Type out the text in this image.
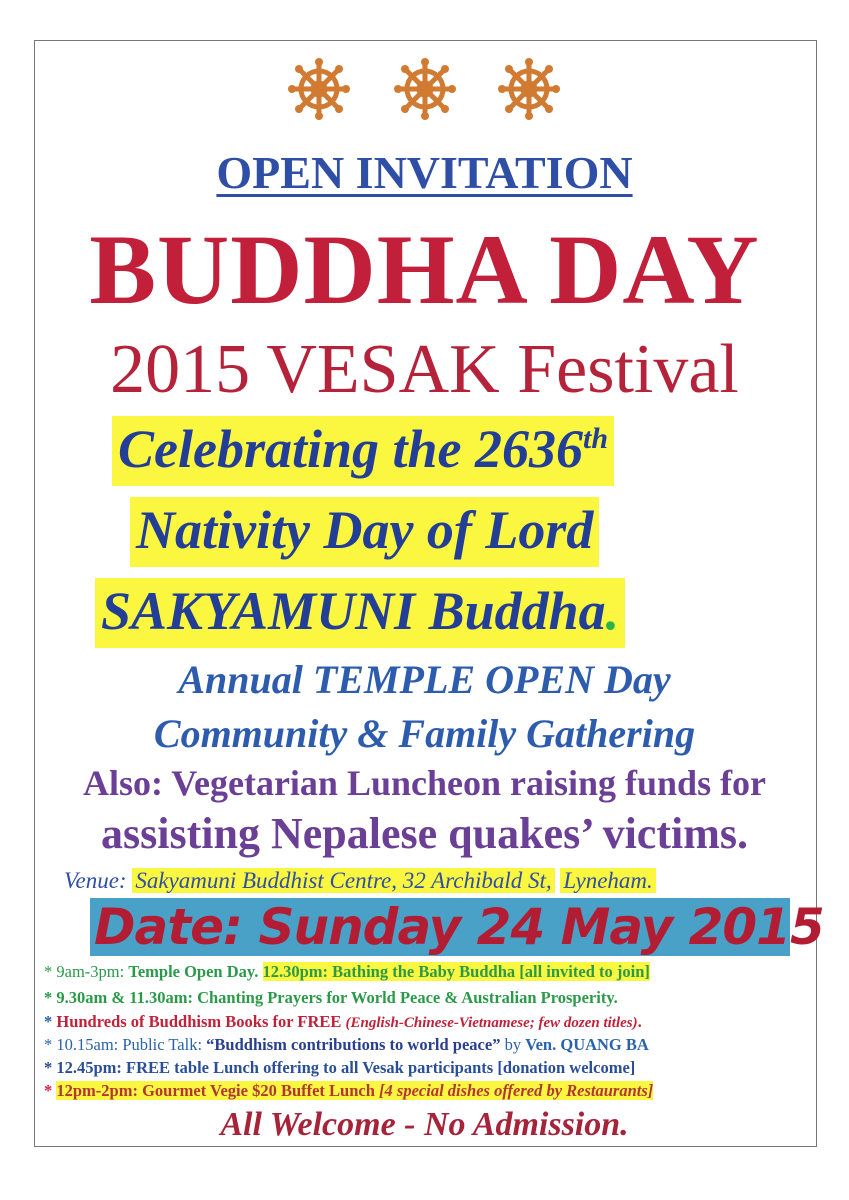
OPEN INVITATION
BUDDHA DAY
2015 VESAK Festival
Celebrating the 2636th
Nativity Day of Lord
SAKYAMUNI Buddha.
Annual TEMPLE OPEN Day
Community & Family Gathering
Also: Vegetarian Luncheon raising funds for
assisting Nepalese quakes’ victims.
Venue: Sakyamuni Buddhist Centre, 32 Archibald St, Lyneham.
Date: Sunday 24 May 2015
* 9am-3pm: Temple Open Day. 12.30pm: Bathing the Baby Buddha [all invited to join]
* 9.30am & 11.30am: Chanting Prayers for World Peace & Australian Prosperity.
* Hundreds of Buddhism Books for FREE (English-Chinese-Vietnamese; few dozen titles).
* 10.15am: Public Talk: “Buddhism contributions to world peace” by Ven. QUANG BA
* 12.45pm: FREE table Lunch offering to all Vesak participants [donation welcome]
* 12pm-2pm: Gourmet Vegie $20 Buffet Lunch [4 special dishes offered by Restaurants]
All Welcome - No Admission.
